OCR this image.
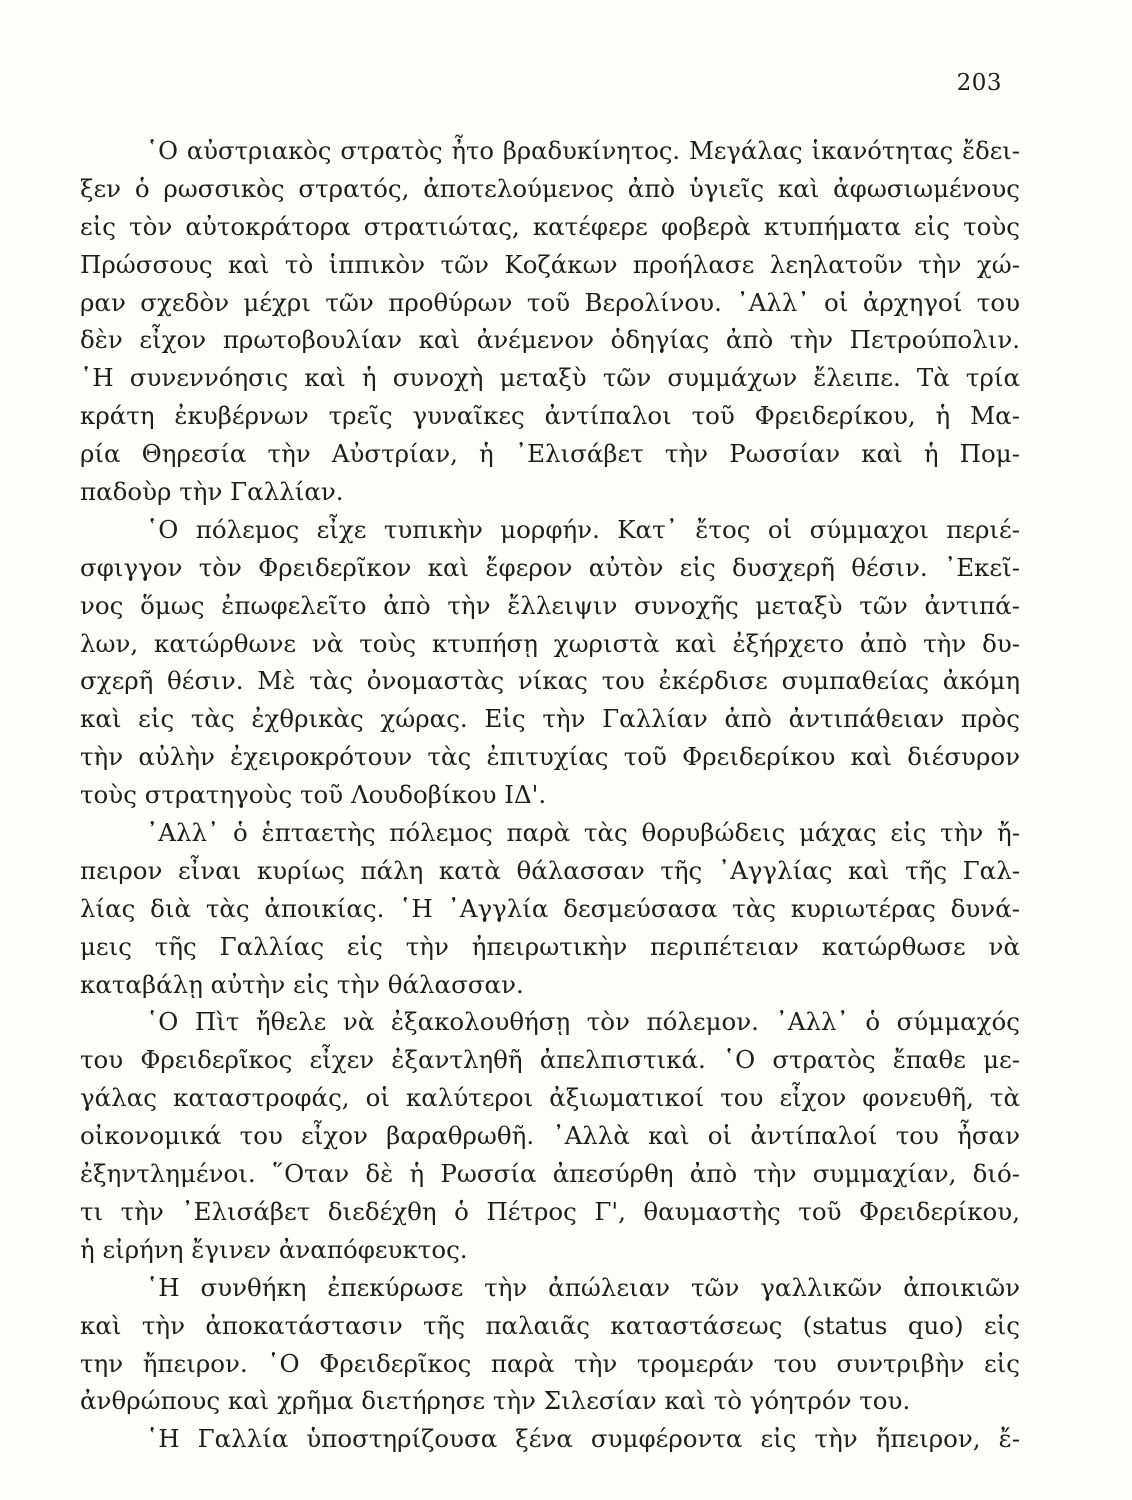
203
῾Ο αὐστριακὸς στρατὸς ἦτο βραδυκίνητος. Μεγάλας ἱκανότητας ἔδει-
ξεν ὁ ρωσσικὸς στρατός, ἀποτελούμενος ἀπὸ ὑγιεῖς καὶ ἀφωσιωμένους
εἰς τὸν αὐτοκράτορα στρατιώτας, κατέφερε φοβερὰ κτυπήματα εἰς τοὺς
Πρώσσους καὶ τὸ ἱππικὸν τῶν Κοζάκων προήλασε λεηλατοῦν τὴν χώ-
ραν σχεδὸν μέχρι τῶν προθύρων τοῦ Βερολίνου. ᾿Αλλ᾿ οἱ ἀρχηγοί του
δὲν εἶχον πρωτοβουλίαν καὶ ἀνέμενον ὁδηγίας ἀπὸ τὴν Πετρούπολιν.
῾Η συνεννόησις καὶ ἡ συνοχὴ μεταξὺ τῶν συμμάχων ἔλειπε. Τὰ τρία
κράτη ἐκυβέρνων τρεῖς γυναῖκες ἀντίπαλοι τοῦ Φρειδερίκου, ἡ Μα-
ρία Θηρεσία τὴν Αὐστρίαν, ἡ ᾿Ελισάβετ τὴν Ρωσσίαν καὶ ἡ Πομ-
παδοὺρ τὴν Γαλλίαν.
῾Ο πόλεμος εἶχε τυπικὴν μορφήν. Κατ᾿ ἔτος οἱ σύμμαχοι περιέ-
σφιγγον τὸν Φρειδερῖκον καὶ ἔφερον αὐτὸν εἰς δυσχερῆ θέσιν. ᾿Εκεῖ-
νος ὅμως ἐπωφελεῖτο ἀπὸ τὴν ἔλλειψιν συνοχῆς μεταξὺ τῶν ἀντιπά-
λων, κατώρθωνε νὰ τοὺς κτυπήσῃ χωριστὰ καὶ ἐξήρχετο ἀπὸ τὴν δυ-
σχερῆ θέσιν. Μὲ τὰς ὀνομαστὰς νίκας του ἐκέρδισε συμπαθείας ἀκόμη
καὶ εἰς τὰς ἐχθρικὰς χώρας. Εἰς τὴν Γαλλίαν ἀπὸ ἀντιπάθειαν πρὸς
τὴν αὐλὴν ἐχειροκρότουν τὰς ἐπιτυχίας τοῦ Φρειδερίκου καὶ διέσυρον
τοὺς στρατηγοὺς τοῦ Λουδοβίκου ΙΔ'.
᾿Αλλ᾿ ὁ ἑπταετὴς πόλεμος παρὰ τὰς θορυβώδεις μάχας εἰς τὴν ἤ-
πειρον εἶναι κυρίως πάλη κατὰ θάλασσαν τῆς ᾿Αγγλίας καὶ τῆς Γαλ-
λίας διὰ τὰς ἀποικίας. ῾Η ᾿Αγγλία δεσμεύσασα τὰς κυριωτέρας δυνά-
μεις τῆς Γαλλίας εἰς τὴν ἠπειρωτικὴν περιπέτειαν κατώρθωσε νὰ
καταβάλῃ αὐτὴν εἰς τὴν θάλασσαν.
῾Ο Πὶτ ἤθελε νὰ ἐξακολουθήσῃ τὸν πόλεμον. ᾿Αλλ᾿ ὁ σύμμαχός
του Φρειδερῖκος εἶχεν ἐξαντληθῆ ἀπελπιστικά. ῾Ο στρατὸς ἔπαθε με-
γάλας καταστροφάς, οἱ καλύτεροι ἀξιωματικοί του εἶχον φονευθῆ, τὰ
οἰκονομικά του εἶχον βαραθρωθῆ. ᾿Αλλὰ καὶ οἱ ἀντίπαλοί του ἦσαν
ἐξηντλημένοι. ῞Οταν δὲ ἡ Ρωσσία ἀπεσύρθη ἀπὸ τὴν συμμαχίαν, διό-
τι τὴν ᾿Ελισάβετ διεδέχθη ὁ Πέτρος Γ', θαυμαστὴς τοῦ Φρειδερίκου,
ἡ εἰρήνη ἔγινεν ἀναπόφευκτος.
῾Η συνθήκη ἐπεκύρωσε τὴν ἀπώλειαν τῶν γαλλικῶν ἀποικιῶν
καὶ τὴν ἀποκατάστασιν τῆς παλαιᾶς καταστάσεως (status quo) εἰς
την ἤπειρον. ῾Ο Φρειδερῖκος παρὰ τὴν τρομεράν του συντριβὴν εἰς
ἀνθρώπους καὶ χρῆμα διετήρησε τὴν Σιλεσίαν καὶ τὸ γόητρόν του.
῾Η Γαλλία ὑποστηρίζουσα ξένα συμφέροντα εἰς τὴν ἤπειρον, ἔ-
